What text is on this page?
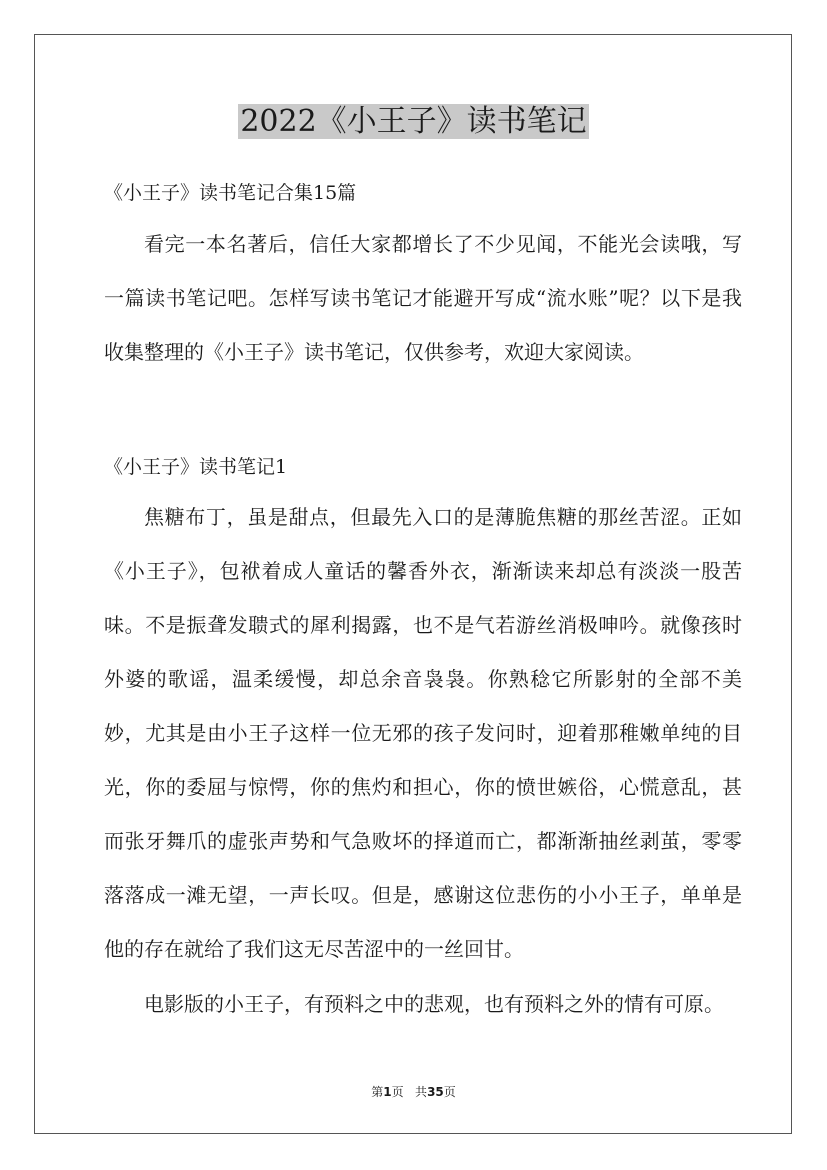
2022《小王子》读书笔记

《小王子》读书笔记合集15篇

看完一本名著后，信任大家都增长了不少见闻，不能光会读哦，写一篇读书笔记吧。怎样写读书笔记才能避开写成“流水账”呢？以下是我收集整理的《小王子》读书笔记，仅供参考，欢迎大家阅读。

《小王子》读书笔记1

焦糖布丁，虽是甜点，但最先入口的是薄脆焦糖的那丝苦涩。正如《小王子》，包袱着成人童话的馨香外衣，渐渐读来却总有淡淡一股苦味。不是振聋发聩式的犀利揭露，也不是气若游丝消极呻吟。就像孩时外婆的歌谣，温柔缓慢，却总余音袅袅。你熟稔它所影射的全部不美妙，尤其是由小王子这样一位无邪的孩子发问时，迎着那稚嫩单纯的目光，你的委屈与惊愕，你的焦灼和担心，你的愤世嫉俗，心慌意乱，甚而张牙舞爪的虚张声势和气急败坏的择道而亡，都渐渐抽丝剥茧，零零落落成一滩无望，一声长叹。但是，感谢这位悲伤的小小王子，单单是他的存在就给了我们这无尽苦涩中的一丝回甘。

电影版的小王子，有预料之中的悲观，也有预料之外的情有可原。

第1页 共35页
